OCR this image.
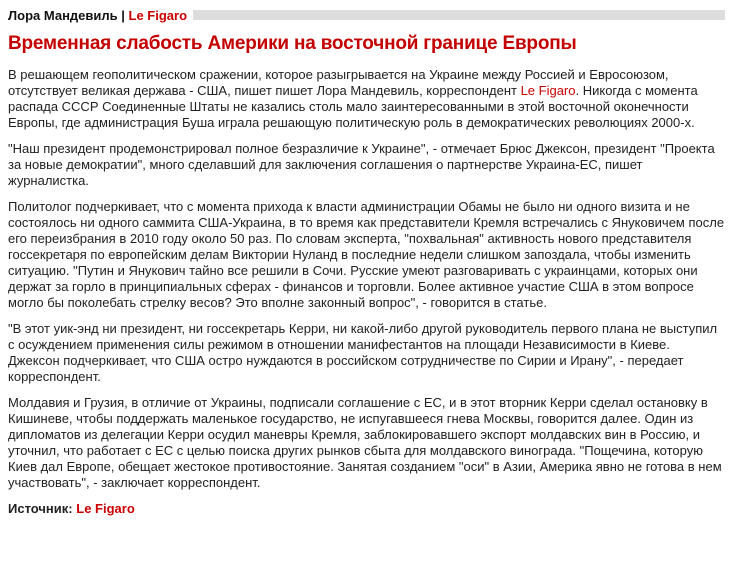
Лора Мандевиль | Le Figaro
Временная слабость Америки на восточной границе Европы

В решающем геополитическом сражении, которое разыгрывается на Украине между Россией и Евросоюзом, отсутствует великая держава - США, пишет пишет Лора Мандевиль, корреспондент Le Figaro. Никогда с момента распада СССР Соединенные Штаты не казались столь мало заинтересованными в этой восточной оконечности Европы, где администрация Буша играла решающую политическую роль в демократических революциях 2000-х.

"Наш президент продемонстрировал полное безразличие к Украине", - отмечает Брюс Джексон, президент "Проекта за новые демократии", много сделавший для заключения соглашения о партнерстве Украина-ЕС, пишет журналистка.

Политолог подчеркивает, что с момента прихода к власти администрации Обамы не было ни одного визита и не состоялось ни одного саммита США-Украина, в то время как представители Кремля встречались с Януковичем после его переизбрания в 2010 году около 50 раз. По словам эксперта, "похвальная" активность нового представителя госсекретаря по европейским делам Виктории Нуланд в последние недели слишком запоздала, чтобы изменить ситуацию. "Путин и Янукович тайно все решили в Сочи. Русские умеют разговаривать с украинцами, которых они держат за горло в принципиальных сферах - финансов и торговли. Более активное участие США в этом вопросе могло бы поколебать стрелку весов? Это вполне законный вопрос", - говорится в статье.

"В этот уик-энд ни президент, ни госсекретарь Керри, ни какой-либо другой руководитель первого плана не выступил с осуждением применения силы режимом в отношении манифестантов на площади Независимости в Киеве. Джексон подчеркивает, что США остро нуждаются в российском сотрудничестве по Сирии и Ирану", - передает корреспондент.

Молдавия и Грузия, в отличие от Украины, подписали соглашение с ЕС, и в этот вторник Керри сделал остановку в Кишиневе, чтобы поддержать маленькое государство, не испугавшееся гнева Москвы, говорится далее. Один из дипломатов из делегации Керри осудил маневры Кремля, заблокировавшего экспорт молдавских вин в Россию, и уточнил, что работает с ЕС с целью поиска других рынков сбыта для молдавского винограда. "Пощечина, которую Киев дал Европе, обещает жестокое противостояние. Занятая созданием "оси" в Азии, Америка явно не готова в нем участвовать", - заключает корреспондент.

Источник: Le Figaro
